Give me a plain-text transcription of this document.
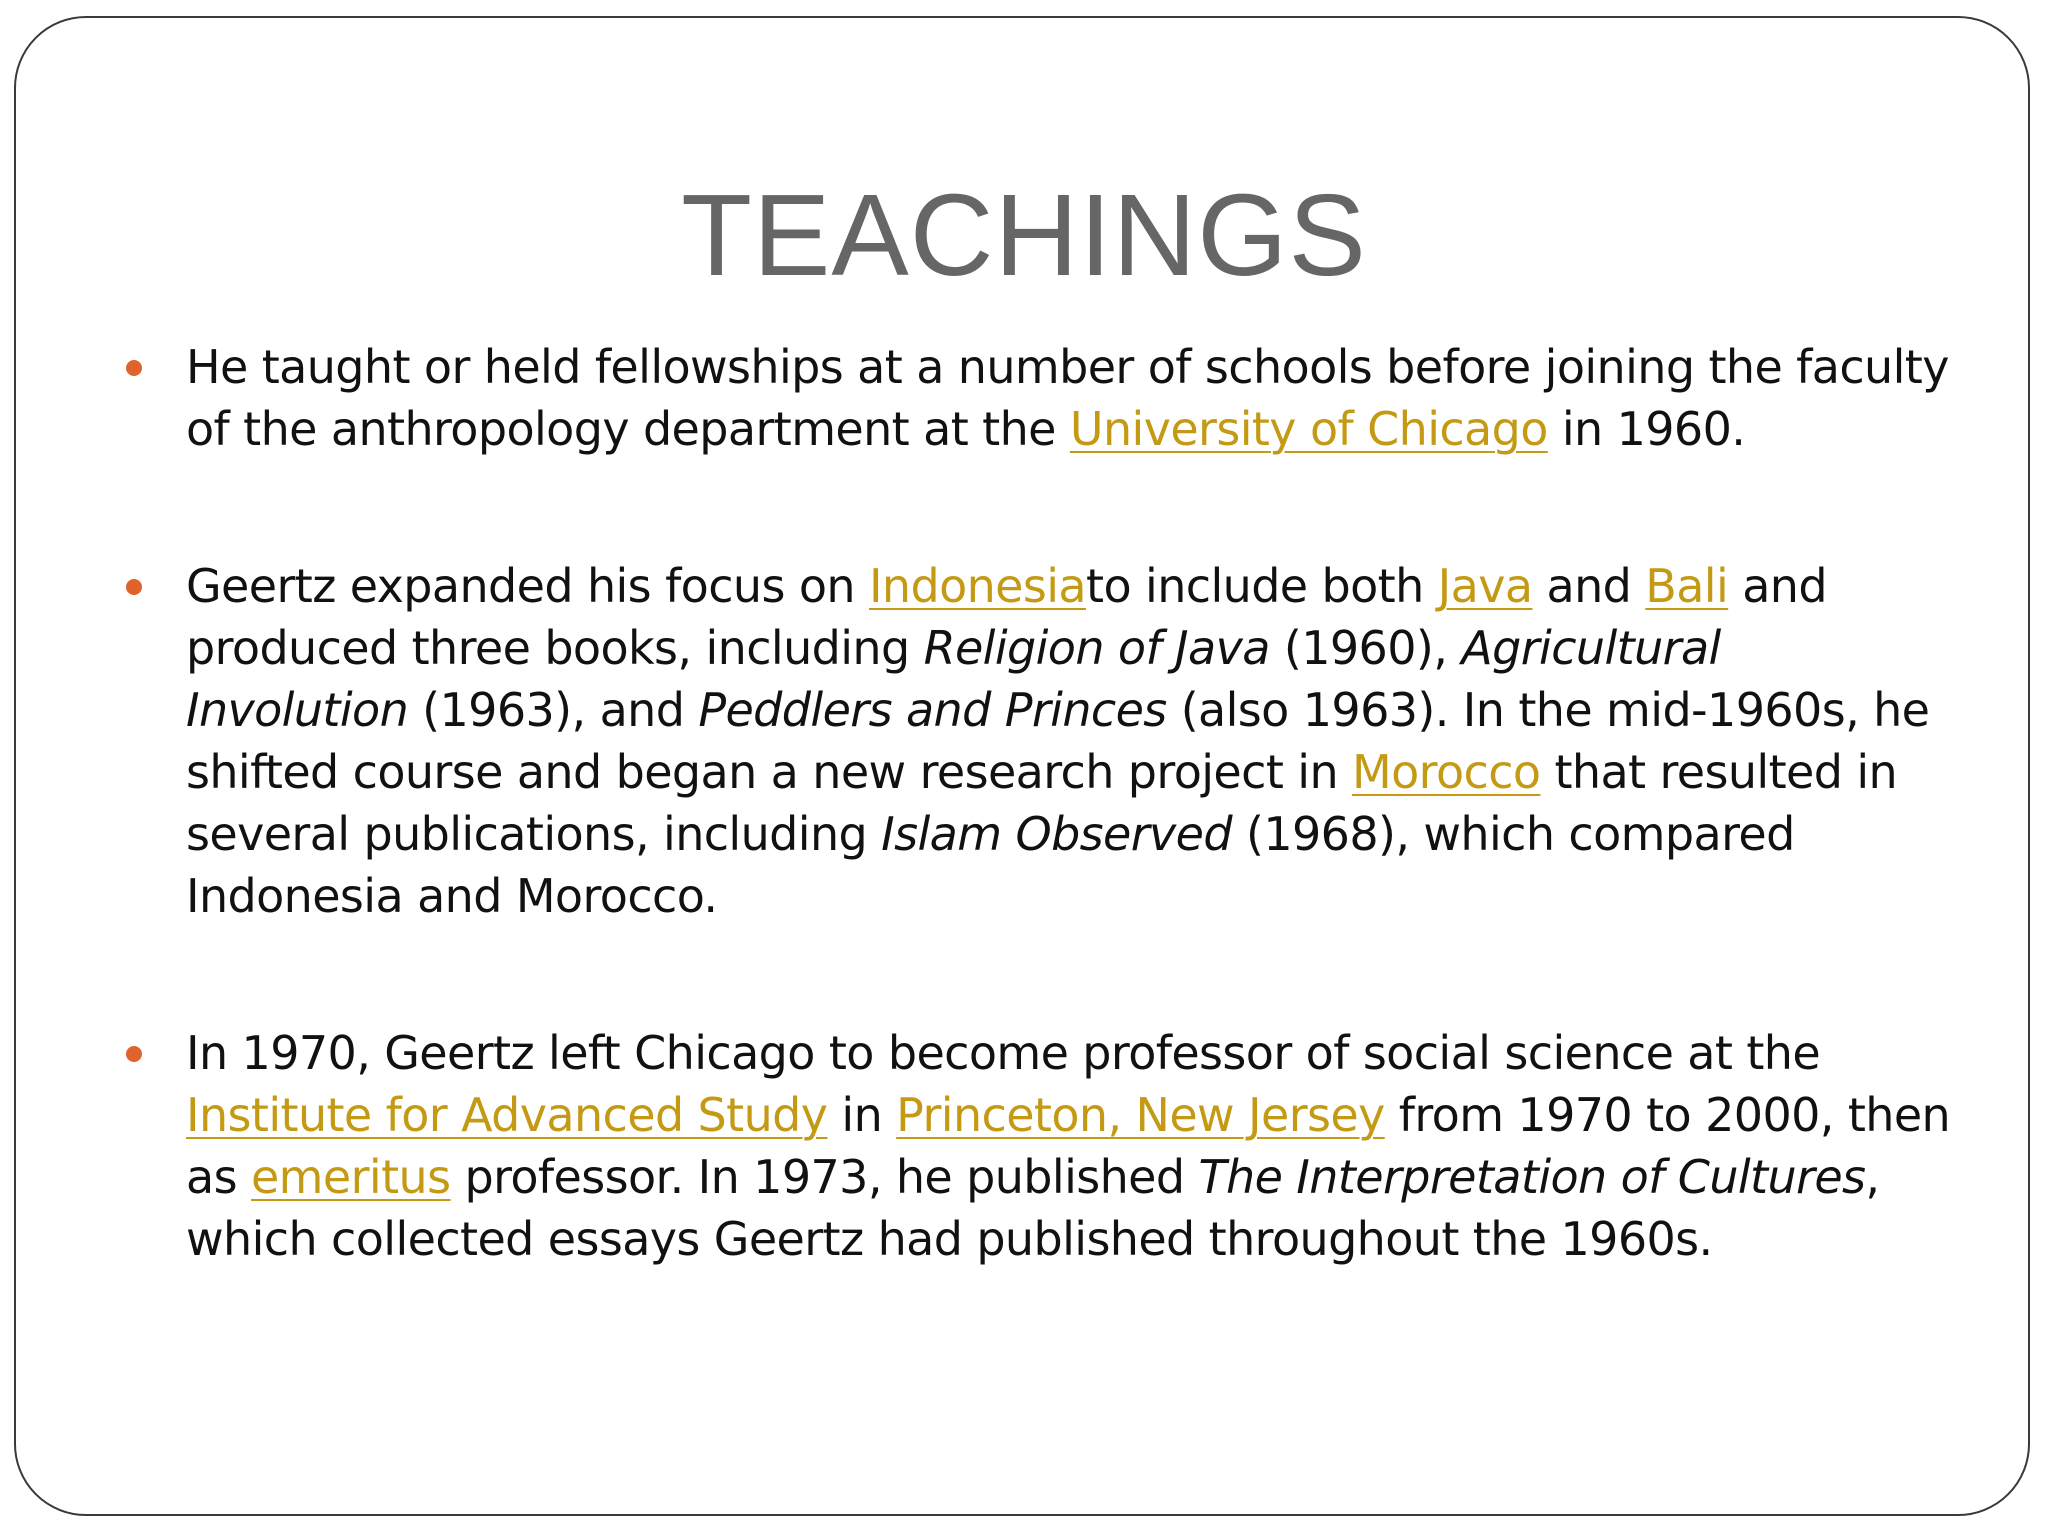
TEACHINGS
He taught or held fellowships at a number of schools before joining the faculty of the anthropology department at the University of Chicago in 1960.
Geertz expanded his focus on Indonesiato include both Java and Bali and produced three books, including Religion of Java (1960), Agricultural Involution (1963), and Peddlers and Princes (also 1963). In the mid-1960s, he shifted course and began a new research project in Morocco that resulted in several publications, including Islam Observed (1968), which compared Indonesia and Morocco.
In 1970, Geertz left Chicago to become professor of social science at the Institute for Advanced Study in Princeton, New Jersey from 1970 to 2000, then as emeritus professor. In 1973, he published The Interpretation of Cultures, which collected essays Geertz had published throughout the 1960s.
